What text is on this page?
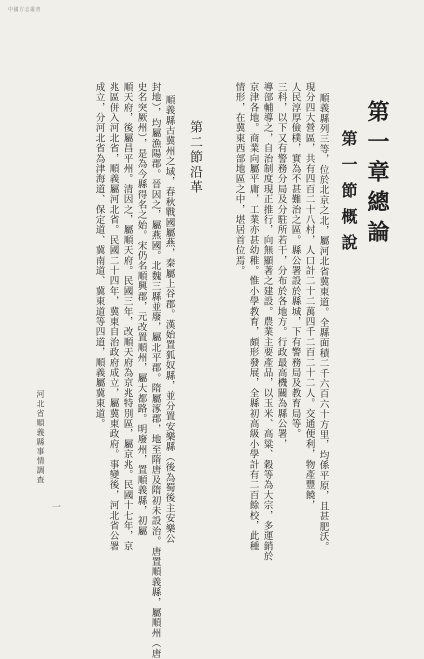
中國方志叢書
第一章總論
第一節概說
順義縣列三等，位於北京之北，屬河北省冀東道。全縣面積二千六百六十方里，均係平原，且甚肥沃。
現分四大營區，共有四百二十八村，人口計二十二萬四千二百二十二人。交通便利，物產豐饒，
人民淳厚儉樸，實為不甚難治之區。縣公署設於縣城，下有警務局及教育局等。
三科，以下又有警務分局及分駐所若干，分布於各地方。行政最高機關為縣公署，
導部輔導之，自治制度現正推行，向無顯著之建設。農業主要產品，以玉米、高粱、穀等為大宗，多運銷於
京津各地。商業向屬平庸，工業亦甚幼稚。惟小學教育，頗形發展，全縣初高級小學計有二百餘校，此種
情形，在冀東西部地區之中，堪居首位焉。
第二節沿革
順義縣古冀州之域，春秋戰國屬燕，秦屬上谷郡。漢始置狐奴縣，並分置安樂縣（後為蜀後主安樂公
封地），均屬漁陽郡。晉因之，屬燕國。北魏三縣並廢，屬北平郡。隋屬涿郡，地至隋唐及隋初未設治。唐置順義縣，屬順州（唐
史名突厥州），是為今縣得名之始。宋仍名順興郡，元改置順州，屬大都路。明廢州，置順義縣，初屬
順天府，後屬昌平州。清因之，屬順天府。民國三年，改順天府為京兆特別區，屬京兆。民國十七年，京
兆區併入河北省，順義屬河北省。民國二十四年，冀東自治政府成立，屬冀東政府。事變後，河北省公署
成立，分河北省為津海道、保定道、冀南道、冀東道等四道，順義屬冀東道。
河北省順義縣事情調查
一
